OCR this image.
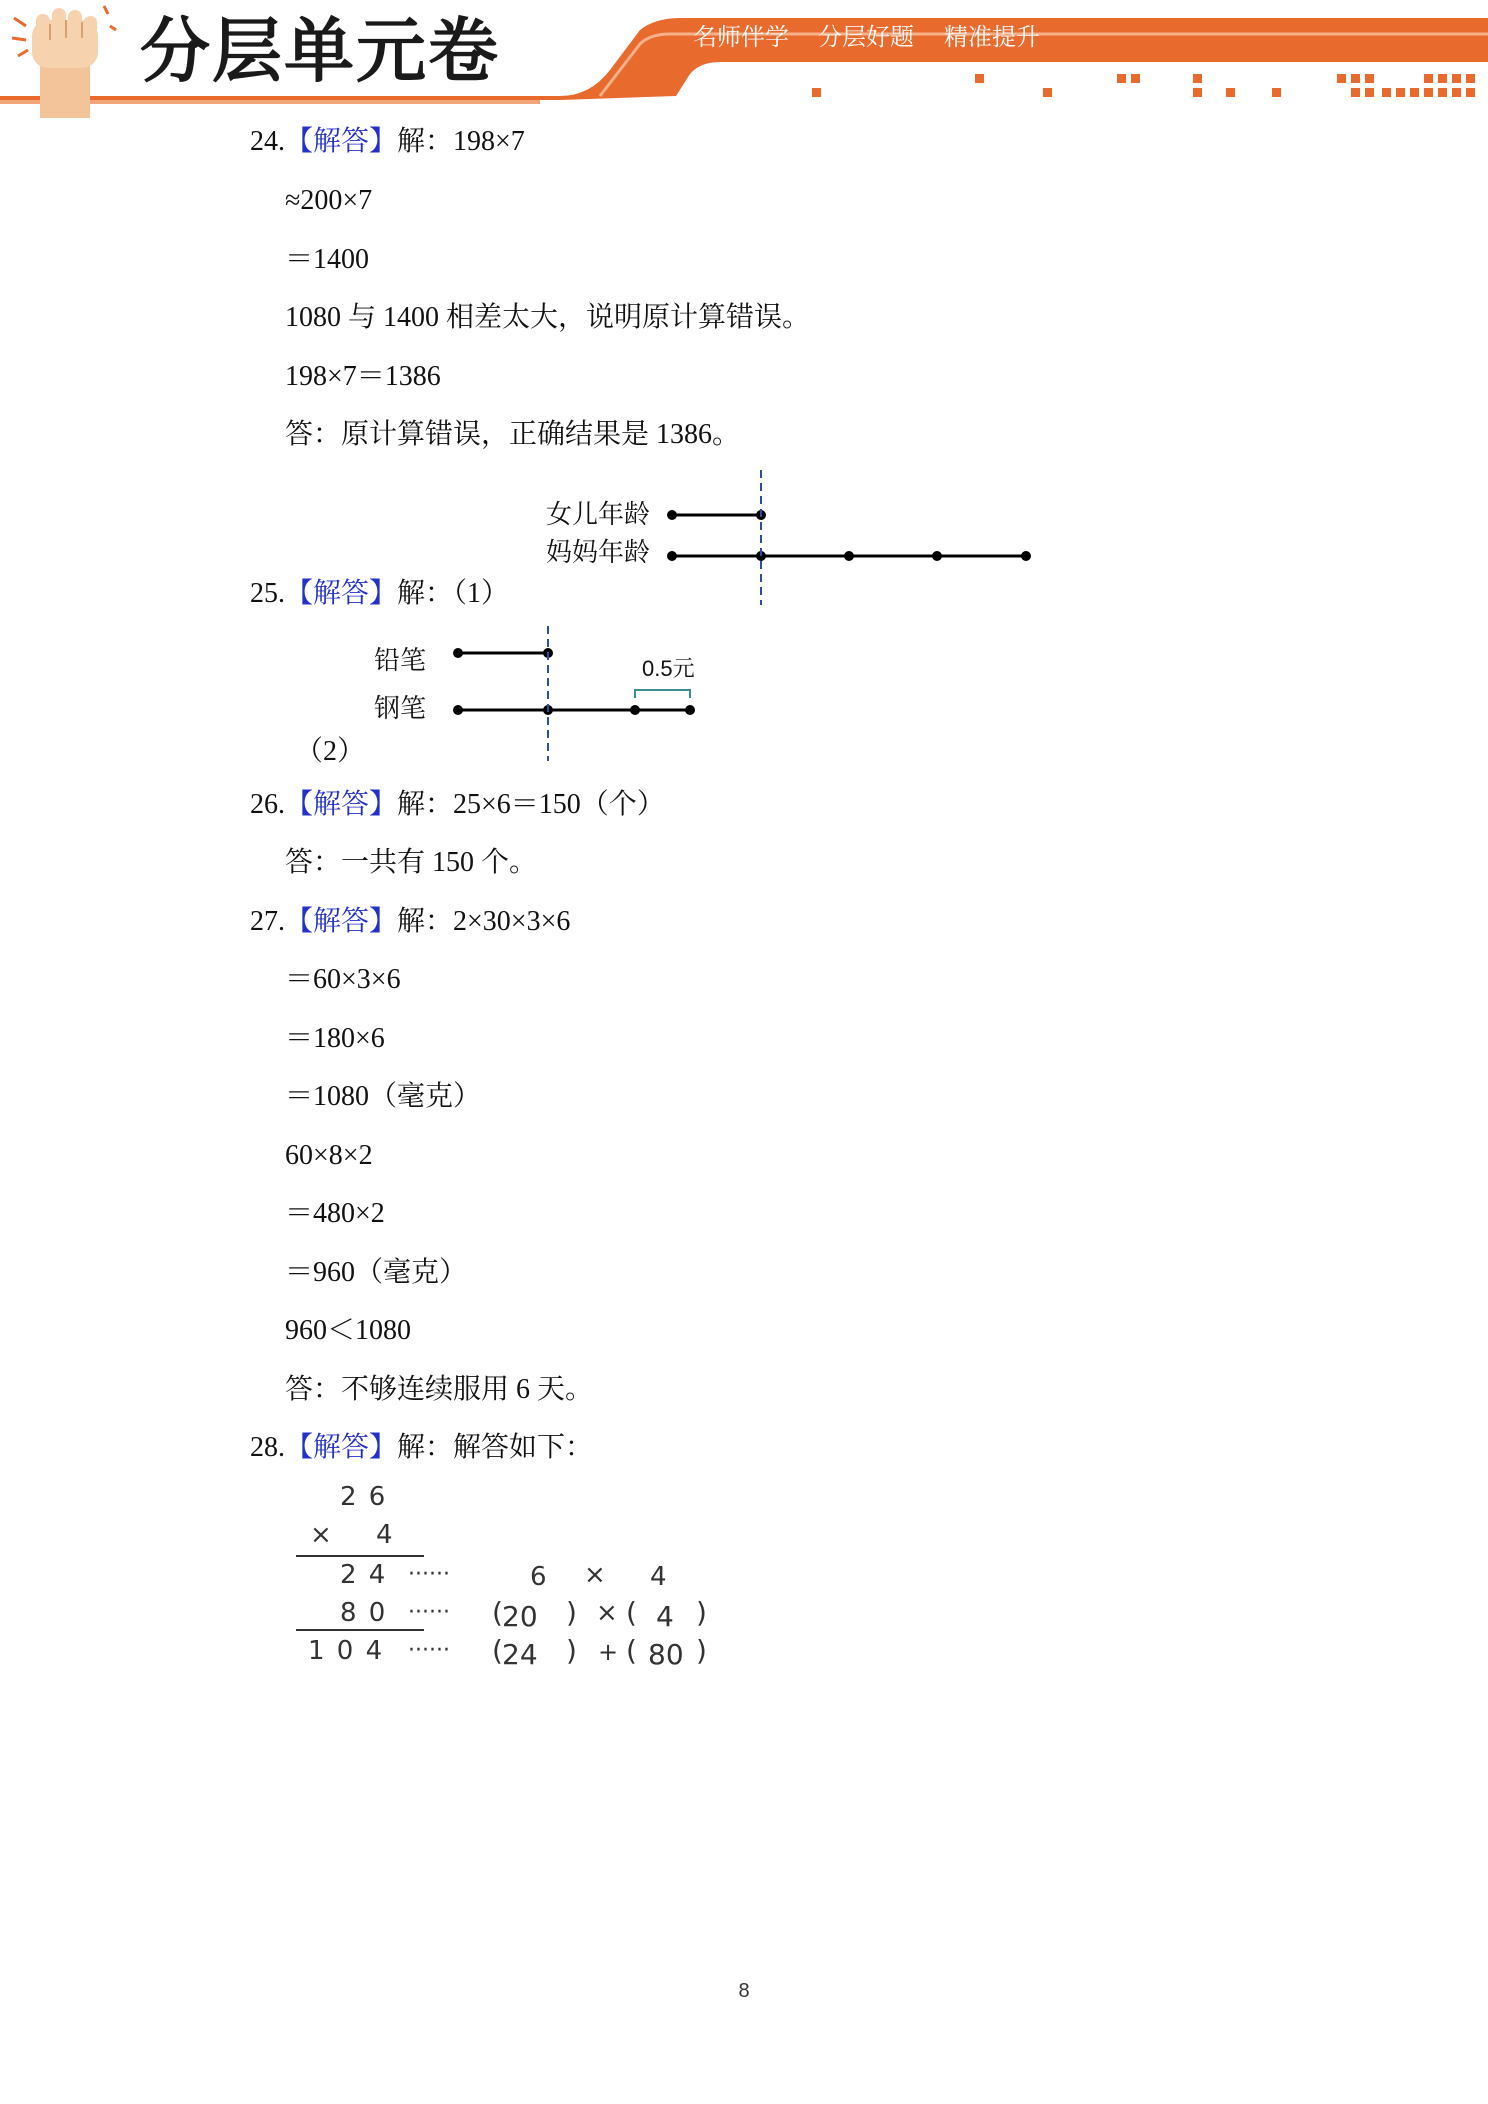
分层单元卷	名师伴学 分层好题 精准提升
24.【解答】解：198×7
≈200×7
＝1400
1080 与 1400 相差太大，说明原计算错误。
198×7＝1386
答：原计算错误，正确结果是 1386。
女儿年龄
妈妈年龄
25.【解答】解：（1）
铅笔
钢笔
0.5元
（2）
26.【解答】解：25×6＝150（个）
答：一共有 150 个。
27.【解答】解：2×30×3×6
＝60×3×6
＝180×6
＝1080（毫克）
60×8×2
＝480×2
＝960（毫克）
960＜1080
答：不够连续服用 6 天。
28.【解答】解：解答如下：
2 6
× 4
2 4
8 0
1 0 4
······
······
······
6 × 4
( 20 ) × ( 4 )
( 24 ) + ( 80 )
8
